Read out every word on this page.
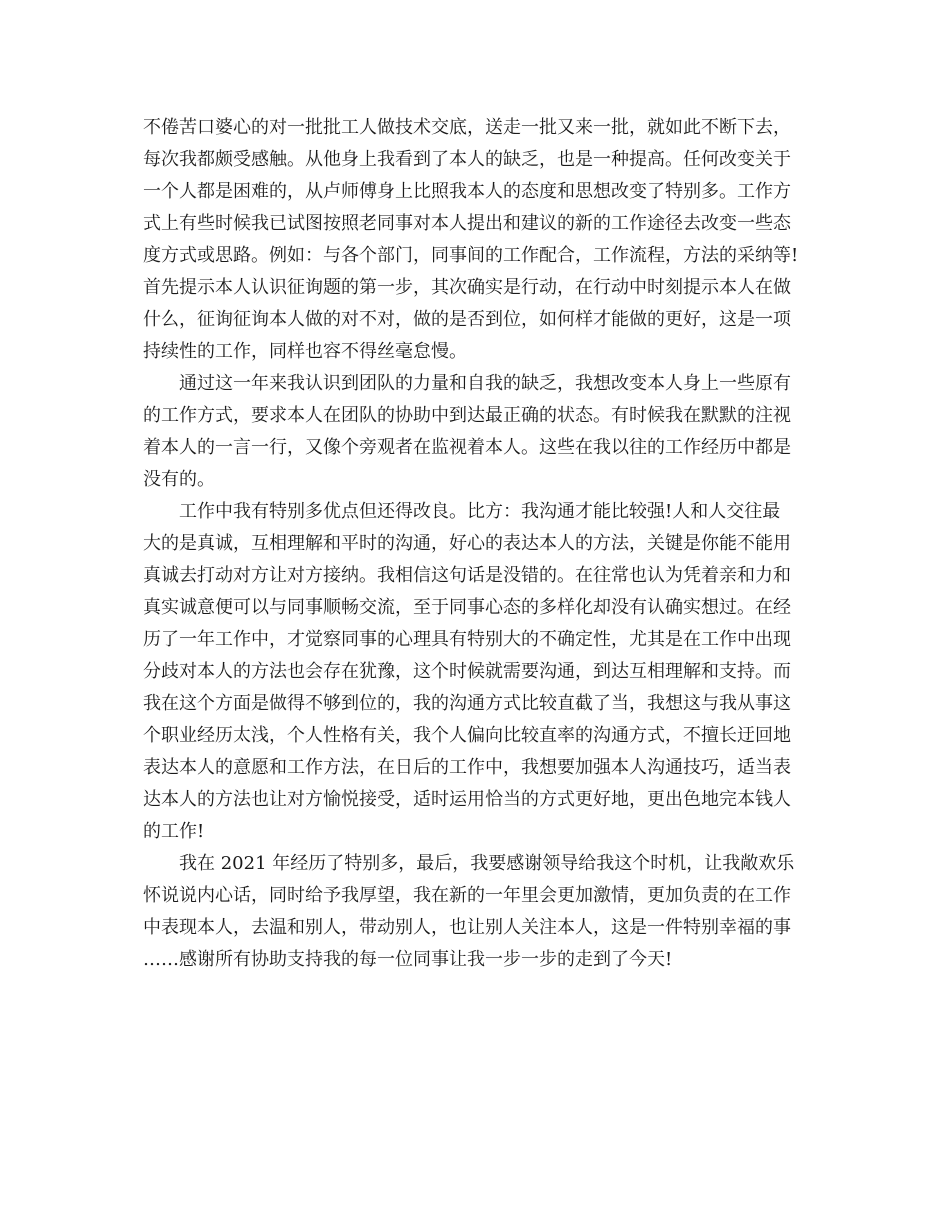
不倦苦口婆心的对一批批工人做技术交底，送走一批又来一批，就如此不断下去，
每次我都颇受感触。从他身上我看到了本人的缺乏，也是一种提高。任何改变关于
一个人都是困难的，从卢师傅身上比照我本人的态度和思想改变了特别多。工作方
式上有些时候我已试图按照老同事对本人提出和建议的新的工作途径去改变一些态
度方式或思路。例如：与各个部门，同事间的工作配合，工作流程，方法的采纳等!
首先提示本人认识征询题的第一步，其次确实是行动，在行动中时刻提示本人在做
什么，征询征询本人做的对不对，做的是否到位，如何样才能做的更好，这是一项
持续性的工作，同样也容不得丝毫怠慢。
通过这一年来我认识到团队的力量和自我的缺乏，我想改变本人身上一些原有
的工作方式，要求本人在团队的协助中到达最正确的状态。有时候我在默默的注视
着本人的一言一行，又像个旁观者在监视着本人。这些在我以往的工作经历中都是
没有的。
工作中我有特别多优点但还得改良。比方：我沟通才能比较强!人和人交往最
大的是真诚，互相理解和平时的沟通，好心的表达本人的方法，关键是你能不能用
真诚去打动对方让对方接纳。我相信这句话是没错的。在往常也认为凭着亲和力和
真实诚意便可以与同事顺畅交流，至于同事心态的多样化却没有认确实想过。在经
历了一年工作中，才觉察同事的心理具有特别大的不确定性，尤其是在工作中出现
分歧对本人的方法也会存在犹豫，这个时候就需要沟通，到达互相理解和支持。而
我在这个方面是做得不够到位的，我的沟通方式比较直截了当，我想这与我从事这
个职业经历太浅，个人性格有关，我个人偏向比较直率的沟通方式，不擅长迂回地
表达本人的意愿和工作方法，在日后的工作中，我想要加强本人沟通技巧，适当表
达本人的方法也让对方愉悦接受，适时运用恰当的方式更好地，更出色地完本钱人
的工作!
我在 2021 年经历了特别多，最后，我要感谢领导给我这个时机，让我敞欢乐
怀说说内心话，同时给予我厚望，我在新的一年里会更加激情，更加负责的在工作
中表现本人，去温和别人，带动别人，也让别人关注本人，这是一件特别幸福的事
……感谢所有协助支持我的每一位同事让我一步一步的走到了今天!
